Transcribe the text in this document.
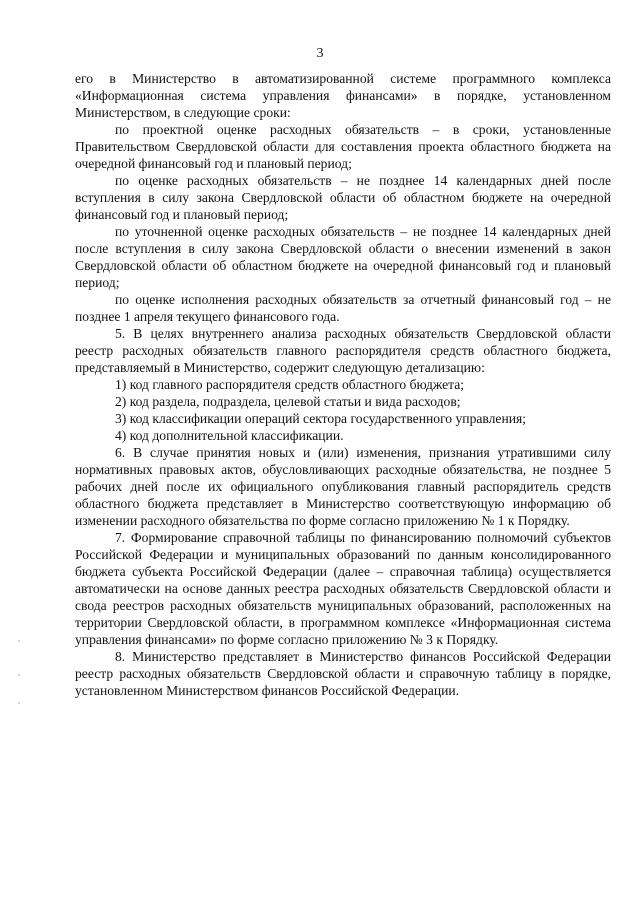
3

его в Министерство в автоматизированной системе программного комплекса «Информационная система управления финансами» в порядке, установленном Министерством, в следующие сроки:

по проектной оценке расходных обязательств – в сроки, установленные Правительством Свердловской области для составления проекта областного бюджета на очередной финансовый год и плановый период;

по оценке расходных обязательств – не позднее 14 календарных дней после вступления в силу закона Свердловской области об областном бюджете на очередной финансовый год и плановый период;

по уточненной оценке расходных обязательств – не позднее 14 календарных дней после вступления в силу закона Свердловской области о внесении изменений в закон Свердловской области об областном бюджете на очередной финансовый год и плановый период;

по оценке исполнения расходных обязательств за отчетный финансовый год – не позднее 1 апреля текущего финансового года.

5. В целях внутреннего анализа расходных обязательств Свердловской области реестр расходных обязательств главного распорядителя средств областного бюджета, представляемый в Министерство, содержит следующую детализацию:

1) код главного распорядителя средств областного бюджета;

2) код раздела, подраздела, целевой статьи и вида расходов;

3) код классификации операций сектора государственного управления;

4) код дополнительной классификации.

6. В случае принятия новых и (или) изменения, признания утратившими силу нормативных правовых актов, обусловливающих расходные обязательства, не позднее 5 рабочих дней после их официального опубликования главный распорядитель средств областного бюджета представляет в Министерство соответствующую информацию об изменении расходного обязательства по форме согласно приложению № 1 к Порядку.

7. Формирование справочной таблицы по финансированию полномочий субъектов Российской Федерации и муниципальных образований по данным консолидированного бюджета субъекта Российской Федерации (далее – справочная таблица) осуществляется автоматически на основе данных реестра расходных обязательств Свердловской области и свода реестров расходных обязательств муниципальных образований, расположенных на территории Свердловской области, в программном комплексе «Информационная система управления финансами» по форме согласно приложению № 3 к Порядку.

8. Министерство представляет в Министерство финансов Российской Федерации реестр расходных обязательств Свердловской области и справочную таблицу в порядке, установленном Министерством финансов Российской Федерации.
